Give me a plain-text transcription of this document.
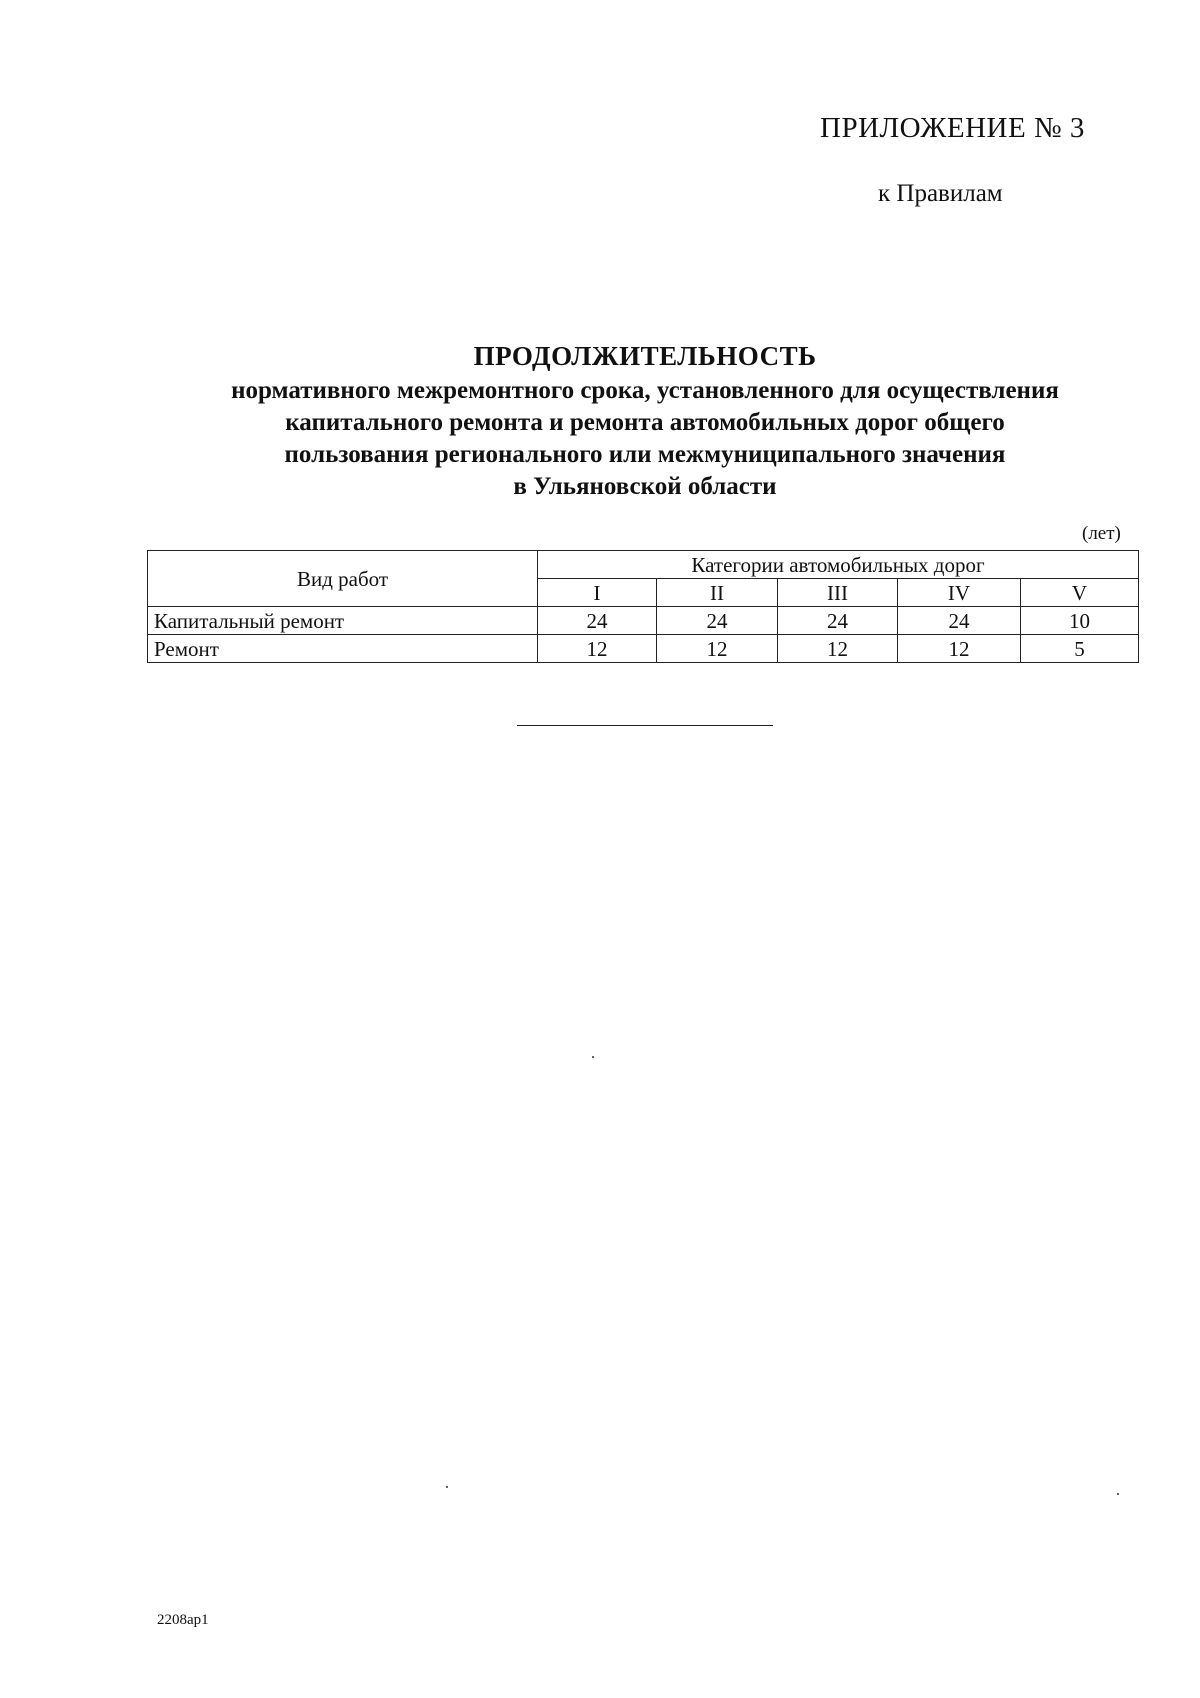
ПРИЛОЖЕНИЕ № 3
к Правилам
ПРОДОЛЖИТЕЛЬНОСТЬ
нормативного межремонтного срока, установленного для осуществления
капитального ремонта и ремонта автомобильных дорог общего
пользования регионального или межмуниципального значения
в Ульяновской области
(лет)
Вид работ	Категории автомобильных дорог				
	I	II	III	IV	V
Капитальный ремонт	24	24	24	24	10
Ремонт	12	12	12	12	5
2208ар1
